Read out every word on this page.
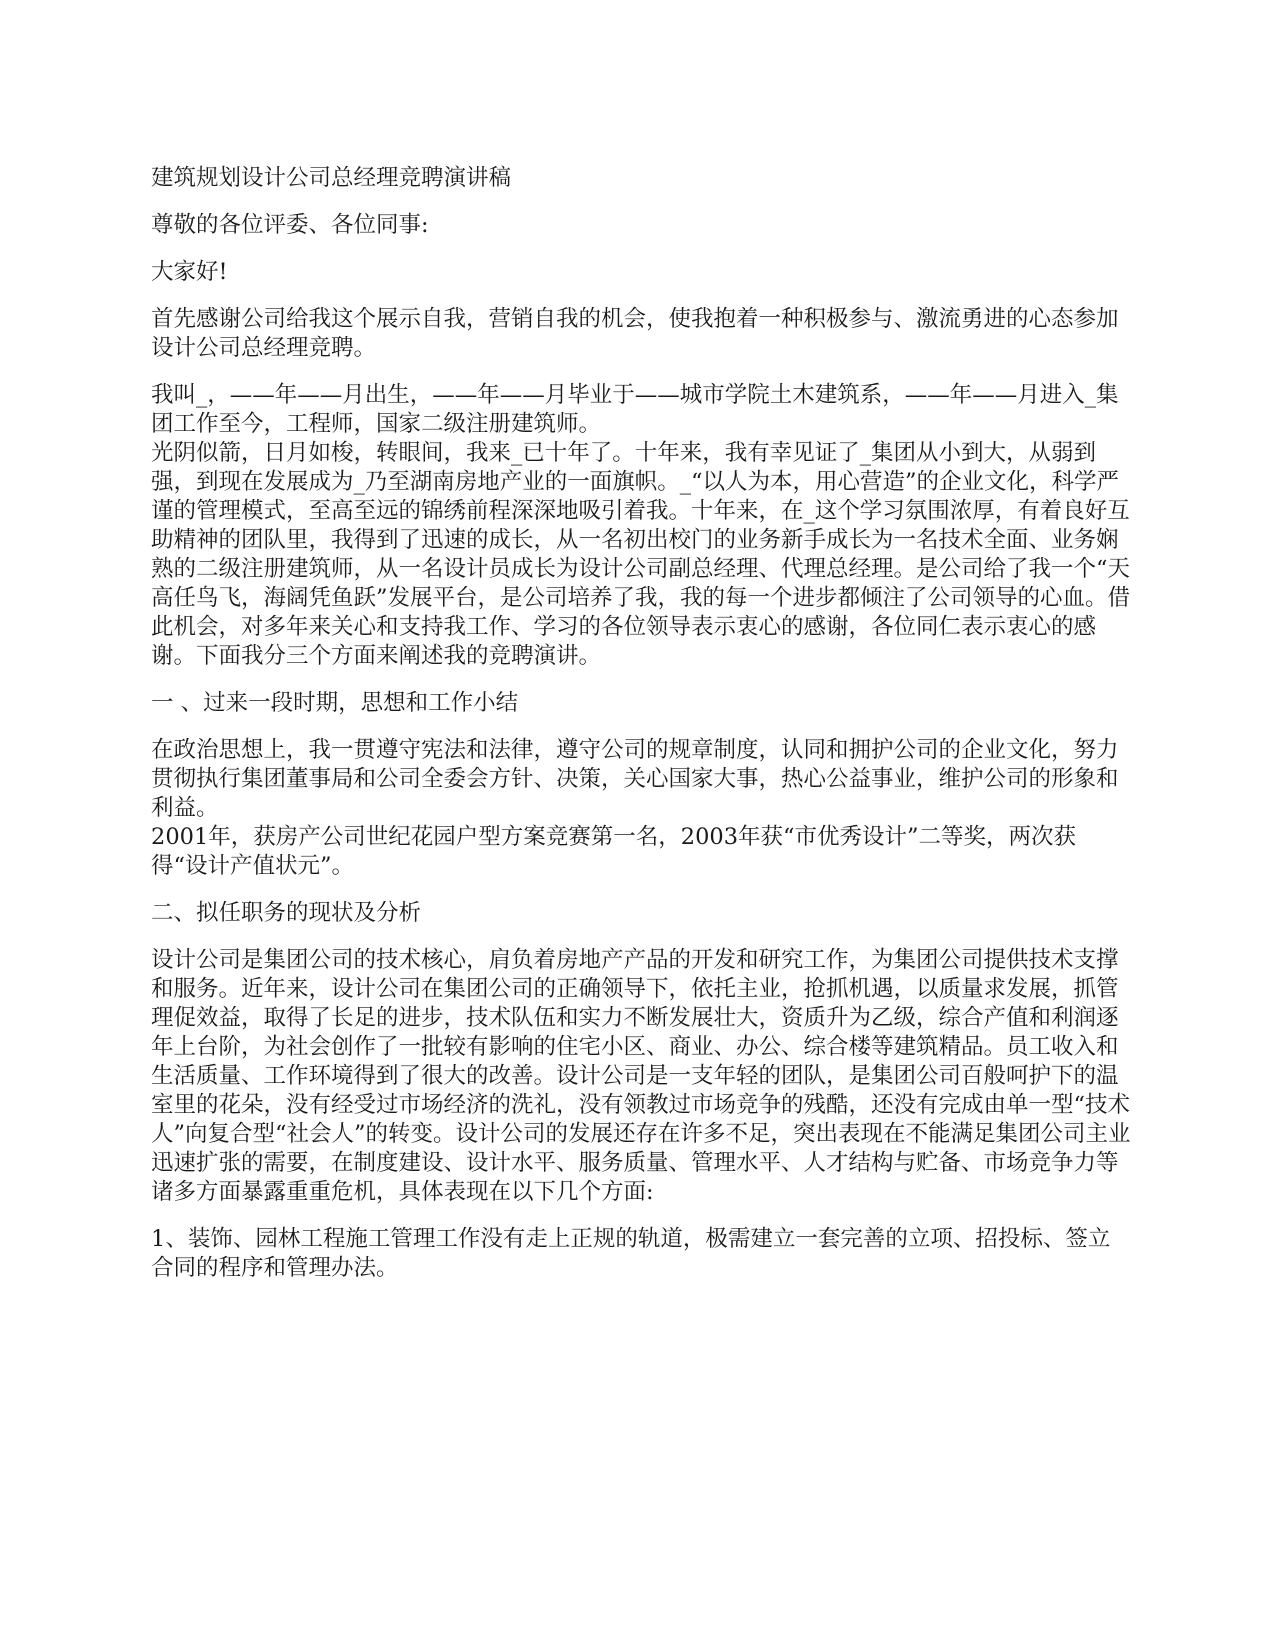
建筑规划设计公司总经理竞聘演讲稿

尊敬的各位评委、各位同事:

大家好!

首先感谢公司给我这个展示自我，营销自我的机会，使我抱着一种积极参与、激流勇进的心态参加设计公司总经理竞聘。

我叫_，——年——月出生，——年——月毕业于——城市学院土木建筑系，——年——月进入_集团工作至今，工程师，国家二级注册建筑师。

光阴似箭，日月如梭，转眼间，我来_已十年了。十年来，我有幸见证了_集团从小到大，从弱到强，到现在发展成为_乃至湖南房地产业的一面旗帜。_“以人为本，用心营造”的企业文化，科学严谨的管理模式，至高至远的锦绣前程深深地吸引着我。十年来，在_这个学习氛围浓厚，有着良好互助精神的团队里，我得到了迅速的成长，从一名初出校门的业务新手成长为一名技术全面、业务娴熟的二级注册建筑师，从一名设计员成长为设计公司副总经理、代理总经理。是公司给了我一个“天高任鸟飞，海阔凭鱼跃”发展平台，是公司培养了我，我的每一个进步都倾注了公司领导的心血。借此机会，对多年来关心和支持我工作、学习的各位领导表示衷心的感谢，各位同仁表示衷心的感谢。下面我分三个方面来阐述我的竞聘演讲。

一 、过来一段时期，思想和工作小结

在政治思想上，我一贯遵守宪法和法律，遵守公司的规章制度，认同和拥护公司的企业文化，努力贯彻执行集团董事局和公司全委会方针、决策，关心国家大事，热心公益事业，维护公司的形象和利益。

2001年，获房产公司世纪花园户型方案竞赛第一名，2003年获“市优秀设计”二等奖，两次获得“设计产值状元”。

二、拟任职务的现状及分析

设计公司是集团公司的技术核心，肩负着房地产产品的开发和研究工作，为集团公司提供技术支撑和服务。近年来，设计公司在集团公司的正确领导下，依托主业，抢抓机遇，以质量求发展，抓管理促效益，取得了长足的进步，技术队伍和实力不断发展壮大，资质升为乙级，综合产值和利润逐年上台阶，为社会创作了一批较有影响的住宅小区、商业、办公、综合楼等建筑精品。员工收入和生活质量、工作环境得到了很大的改善。设计公司是一支年轻的团队，是集团公司百般呵护下的温室里的花朵，没有经受过市场经济的洗礼，没有领教过市场竞争的残酷，还没有完成由单一型“技术人”向复合型“社会人”的转变。设计公司的发展还存在许多不足，突出表现在不能满足集团公司主业迅速扩张的需要，在制度建设、设计水平、服务质量、管理水平、人才结构与贮备、市场竞争力等诸多方面暴露重重危机，具体表现在以下几个方面:

1、装饰、园林工程施工管理工作没有走上正规的轨道，极需建立一套完善的立项、招投标、签立合同的程序和管理办法。
